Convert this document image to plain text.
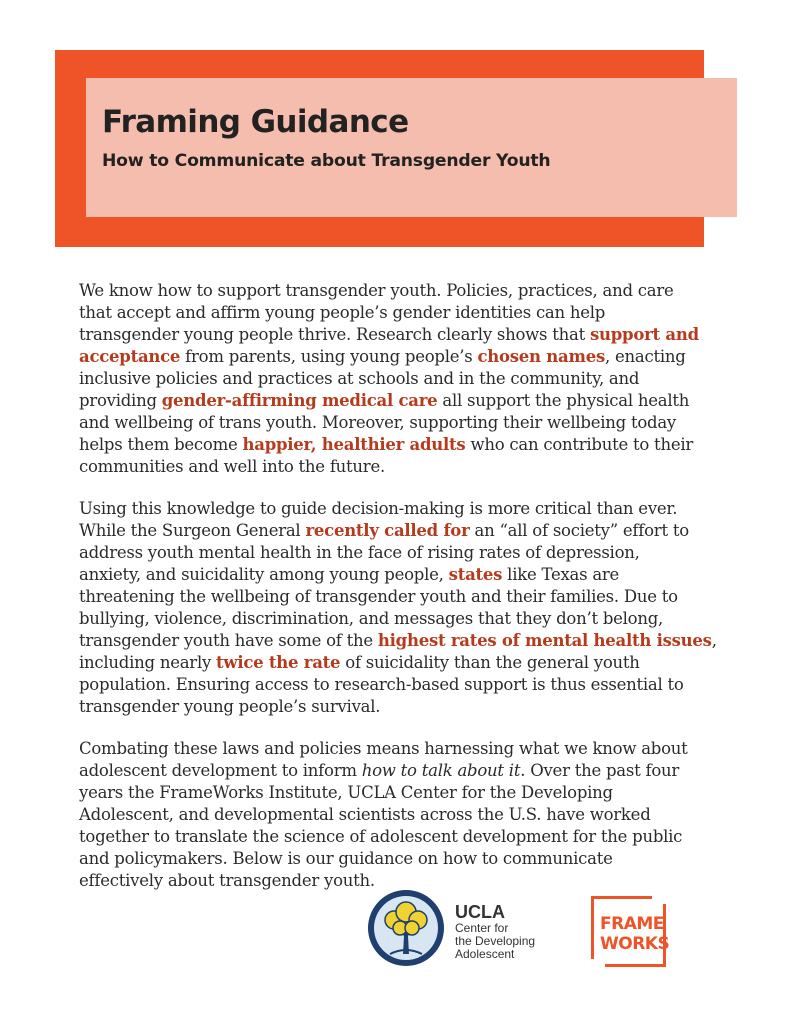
Framing Guidance
How to Communicate about Transgender Youth

We know how to support transgender youth. Policies, practices, and care
that accept and affirm young people’s gender identities can help
transgender young people thrive. Research clearly shows that support and
acceptance from parents, using young people’s chosen names, enacting
inclusive policies and practices at schools and in the community, and
providing gender-affirming medical care all support the physical health
and wellbeing of trans youth. Moreover, supporting their wellbeing today
helps them become happier, healthier adults who can contribute to their
communities and well into the future.

Using this knowledge to guide decision-making is more critical than ever.
While the Surgeon General recently called for an “all of society” effort to
address youth mental health in the face of rising rates of depression,
anxiety, and suicidality among young people, states like Texas are
threatening the wellbeing of transgender youth and their families. Due to
bullying, violence, discrimination, and messages that they don’t belong,
transgender youth have some of the highest rates of mental health issues,
including nearly twice the rate of suicidality than the general youth
population. Ensuring access to research-based support is thus essential to
transgender young people’s survival.

Combating these laws and policies means harnessing what we know about
adolescent development to inform how to talk about it. Over the past four
years the FrameWorks Institute, UCLA Center for the Developing
Adolescent, and developmental scientists across the U.S. have worked
together to translate the science of adolescent development for the public
and policymakers. Below is our guidance on how to communicate
effectively about transgender youth.

UCLA
Center for
the Developing
Adolescent
FRAME
WORKS
